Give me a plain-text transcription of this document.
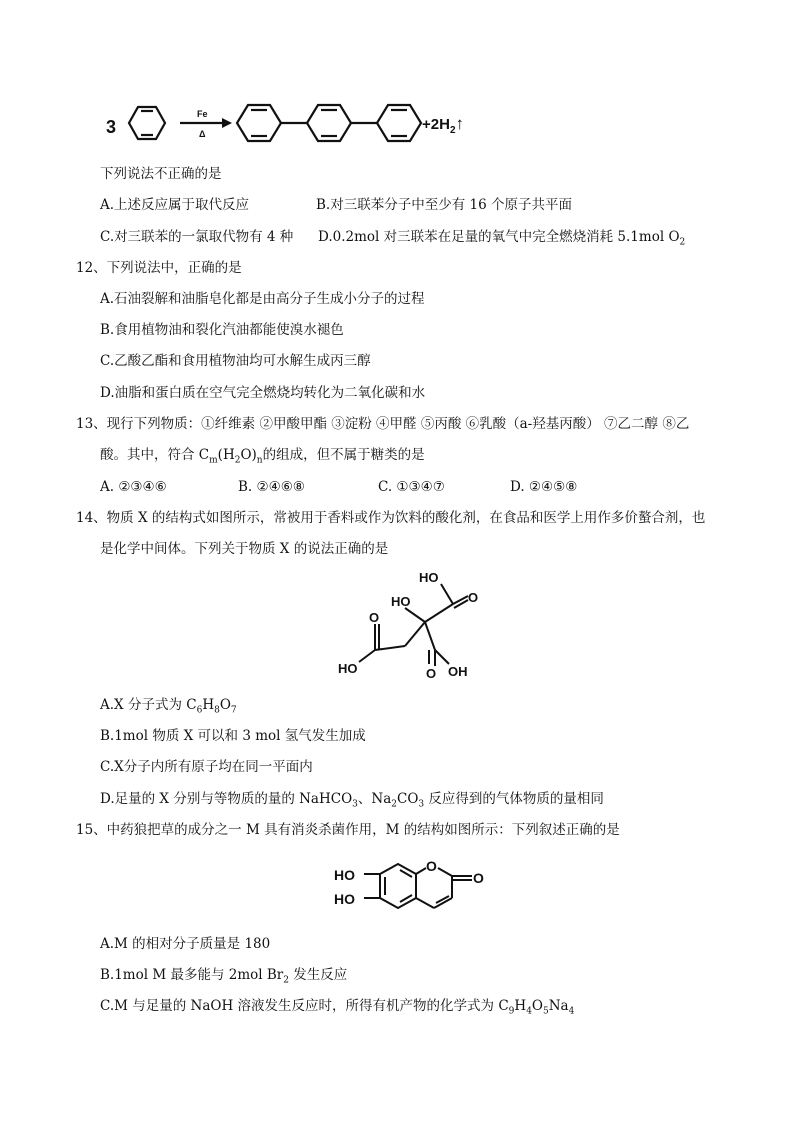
3
Fe
Δ
$+2H_2↑$
下列说法不正确的是
A.上述反应属于取代反应	B.对三联苯分子中至少有 16 个原子共平面
C.对三联苯的一氯取代物有 4 种 D.0.2mol 对三联苯在足量的氧气中完全燃烧消耗 5.1mol $O_2$
12、下列说法中，正确的是
A.石油裂解和油脂皂化都是由高分子生成小分子的过程
B.食用植物油和裂化汽油都能使溴水褪色
C.乙酸乙酯和食用植物油均可水解生成丙三醇
D.油脂和蛋白质在空气完全燃烧均转化为二氧化碳和水
13、现行下列物质：①纤维素 ②甲酸甲酯 ③淀粉 ④甲醛 ⑤丙酸 ⑥乳酸（a-羟基丙酸） ⑦乙二醇 ⑧乙
酸。其中，符合 $C_m(H_2O)_n$的组成，但不属于糖类的是
A. ②③④⑥	B. ②④⑥⑧	C. ①③④⑦	D. ②④⑤⑧
14、物质 X 的结构式如图所示，常被用于香料或作为饮料的酸化剂，在食品和医学上用作多价螯合剂，也
是化学中间体。下列关于物质 X 的说法正确的是
HO
HO	O
O
HO	O OH
A.X 分子式为 $C_6H_8O_7$
B.1mol 物质 X 可以和 3 mol 氢气发生加成
C.X分子内所有原子均在同一平面内
D.足量的 X 分别与等物质的量的 NaHCO$_3$、$Na_2CO_3$ 反应得到的气体物质的量相同
15、中药狼把草的成分之一 M 具有消炎杀菌作用，M 的结构如图所示：下列叙述正确的是
HO
HO
O
O
A.M 的相对分子质量是 180
B.1mol M 最多能与 2mol $Br_2$ 发生反应
C.M 与足量的 NaOH 溶液发生反应时，所得有机产物的化学式为 $C_9H_4O_5Na_4$
